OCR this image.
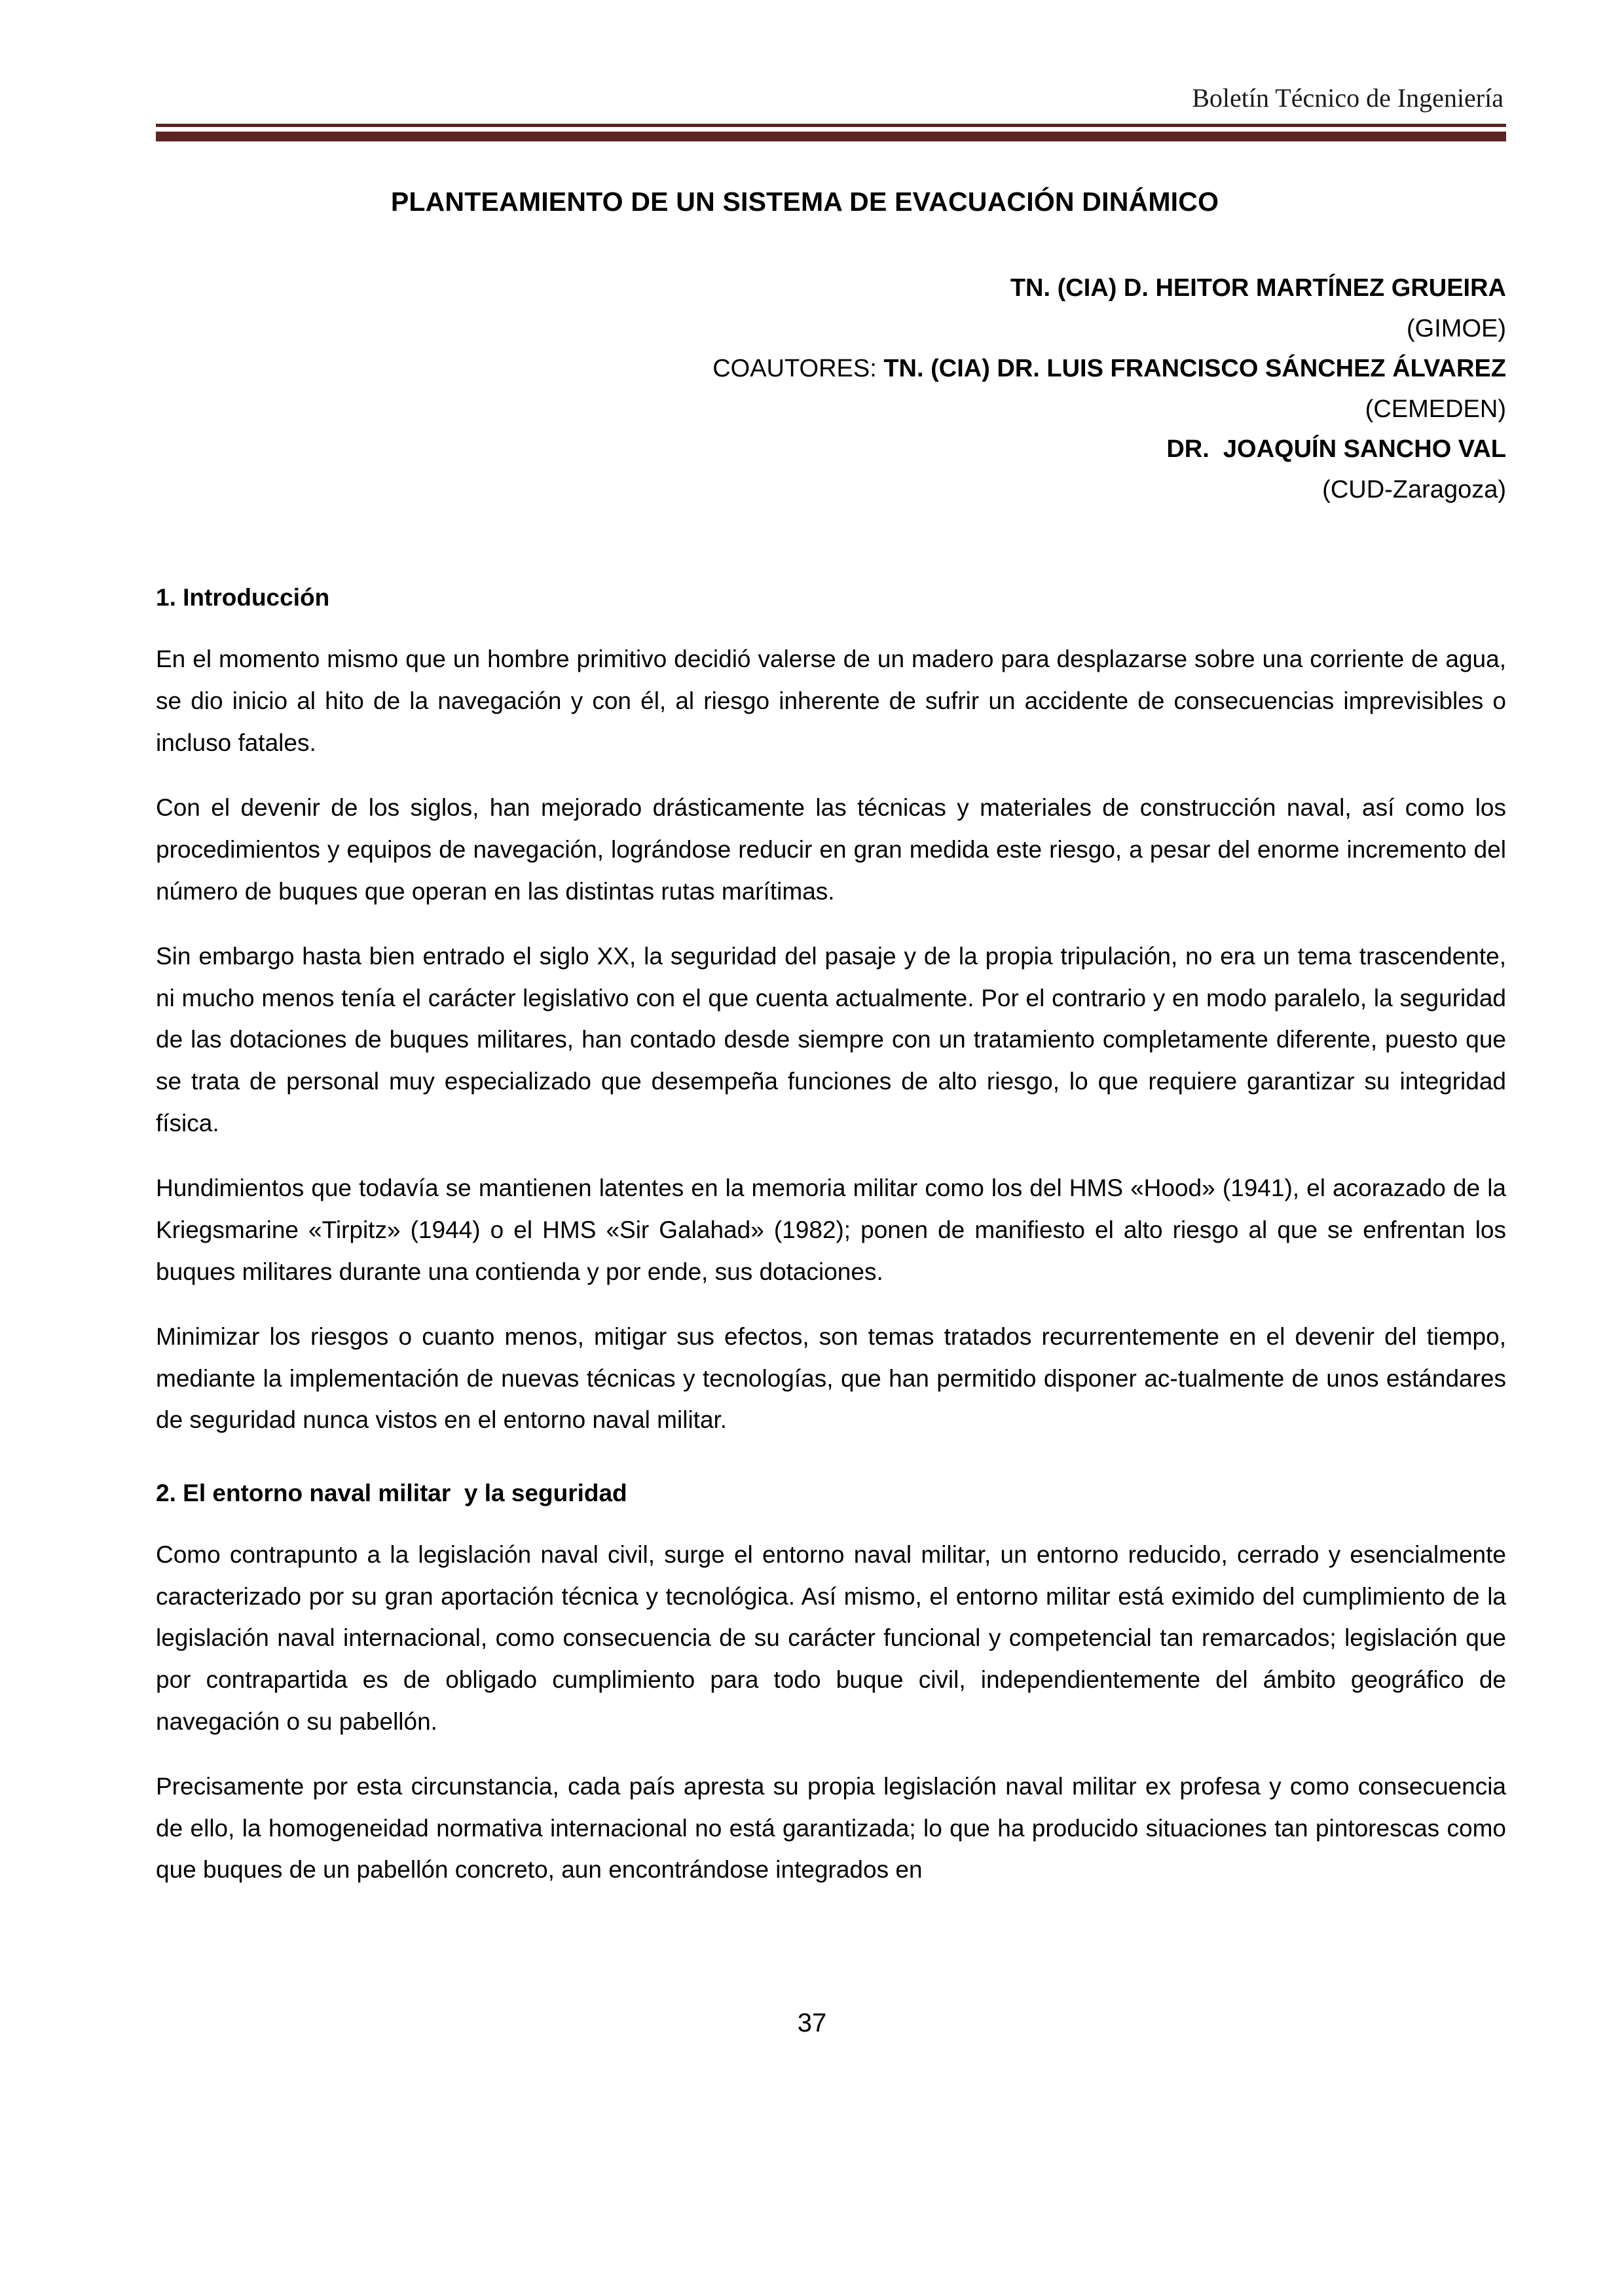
Boletín Técnico de Ingeniería
PLANTEAMIENTO DE UN SISTEMA DE EVACUACIÓN DINÁMICO
TN. (CIA) D. HEITOR MARTÍNEZ GRUEIRA
(GIMOE)
COAUTORES: TN. (CIA) DR. LUIS FRANCISCO SÁNCHEZ ÁLVAREZ
(CEMEDEN)
DR.  JOAQUÍN SANCHO VAL
(CUD-Zaragoza)
1. Introducción

En el momento mismo que un hombre primitivo decidió valerse de un madero para desplazarse sobre una corriente de agua, se dio inicio al hito de la navegación y con él, al riesgo inherente de sufrir un accidente de consecuencias imprevisibles o incluso fatales.

Con el devenir de los siglos, han mejorado drásticamente las técnicas y materiales de construcción naval, así como los procedimientos y equipos de navegación, lográndose reducir en gran medida este riesgo, a pesar del enorme incremento del número de buques que operan en las distintas rutas marítimas.

Sin embargo hasta bien entrado el siglo XX, la seguridad del pasaje y de la propia tripulación, no era un tema trascendente, ni mucho menos tenía el carácter legislativo con el que cuenta actualmente. Por el contrario y en modo paralelo, la seguridad de las dotaciones de buques militares, han contado desde siempre con un tratamiento completamente diferente, puesto que se trata de personal muy especializado que desempeña funciones de alto riesgo, lo que requiere garantizar su integridad física.

Hundimientos que todavía se mantienen latentes en la memoria militar como los del HMS «Hood» (1941), el acorazado de la Kriegsmarine «Tirpitz» (1944) o el HMS «Sir Galahad» (1982); ponen de manifiesto el alto riesgo al que se enfrentan los buques militares durante una contienda y por ende, sus dotaciones.

Minimizar los riesgos o cuanto menos, mitigar sus efectos, son temas tratados recurrentemente en el devenir del tiempo, mediante la implementación de nuevas técnicas y tecnologías, que han permitido disponer ac-tualmente de unos estándares de seguridad nunca vistos en el entorno naval militar.

2. El entorno naval militar  y la seguridad

Como contrapunto a la legislación naval civil, surge el entorno naval militar, un entorno reducido, cerrado y esencialmente caracterizado por su gran aportación técnica y tecnológica. Así mismo, el entorno militar está eximido del cumplimiento de la legislación naval internacional, como consecuencia de su carácter funcional y competencial tan remarcados; legislación que por contrapartida es de obligado cumplimiento para todo buque civil, independientemente del ámbito geográfico de navegación o su pabellón.

Precisamente por esta circunstancia, cada país apresta su propia legislación naval militar ex profesa y como consecuencia de ello, la homogeneidad normativa internacional no está garantizada; lo que ha producido situaciones tan pintorescas como que buques de un pabellón concreto, aun encontrándose integrados en

37
